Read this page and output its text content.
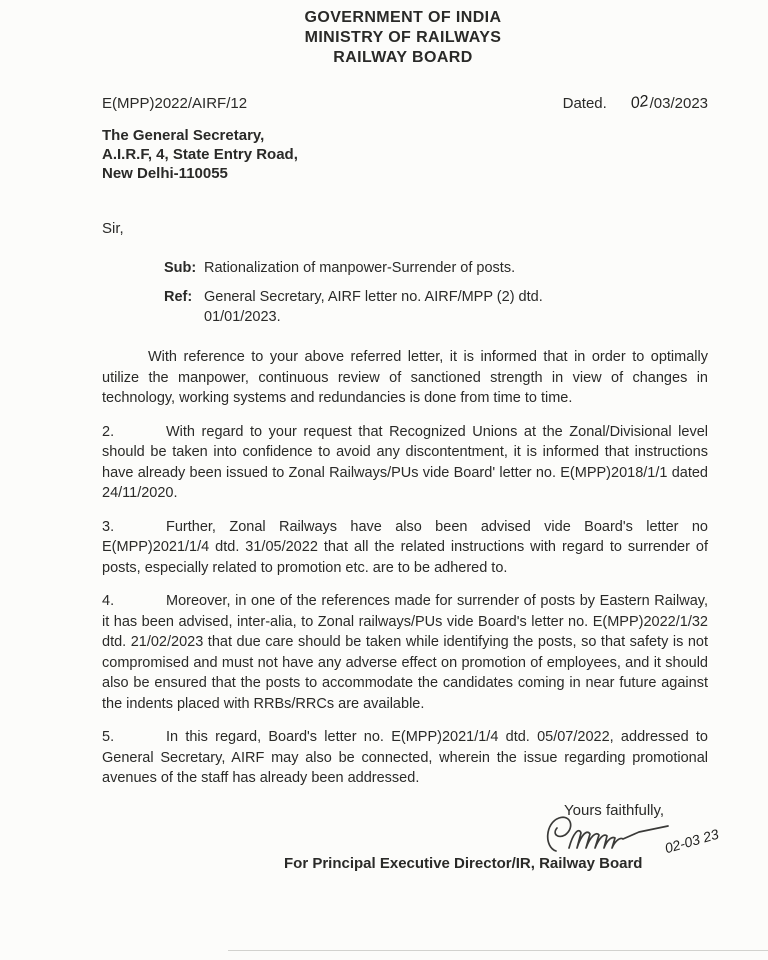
GOVERNMENT OF INDIA
MINISTRY OF RAILWAYS
RAILWAY BOARD
E(MPP)2022/AIRF/12	Dated. 02 /03/2023
The General Secretary,
A.I.R.F, 4, State Entry Road,
New Delhi-110055
Sir,
Sub: Rationalization of manpower-Surrender of posts.
Ref: General Secretary, AIRF letter no. AIRF/MPP (2) dtd.
01/01/2023.

With reference to your above referred letter, it is informed that in order to optimally utilize the manpower, continuous review of sanctioned strength in view of changes in technology, working systems and redundancies is done from time to time.

2.	With regard to your request that Recognized Unions at the Zonal/Divisional level should be taken into confidence to avoid any discontentment, it is informed that instructions have already been issued to Zonal Railways/PUs vide Board' letter no. E(MPP)2018/1/1 dated 24/11/2020.

3.	Further, Zonal Railways have also been advised vide Board's letter no E(MPP)2021/1/4 dtd. 31/05/2022 that all the related instructions with regard to surrender of posts, especially related to promotion etc. are to be adhered to.

4.	Moreover, in one of the references made for surrender of posts by Eastern Railway, it has been advised, inter-alia, to Zonal railways/PUs vide Board's letter no. E(MPP)2022/1/32 dtd. 21/02/2023 that due care should be taken while identifying the posts, so that safety is not compromised and must not have any adverse effect on promotion of employees, and it should also be ensured that the posts to accommodate the candidates coming in near future against the indents placed with RRBs/RRCs are available.

5.	In this regard, Board's letter no. E(MPP)2021/1/4 dtd. 05/07/2022, addressed to General Secretary, AIRF may also be connected, wherein the issue regarding promotional avenues of the staff has already been addressed.

Yours faithfully,
02-03 23
For Principal Executive Director/IR, Railway Board
